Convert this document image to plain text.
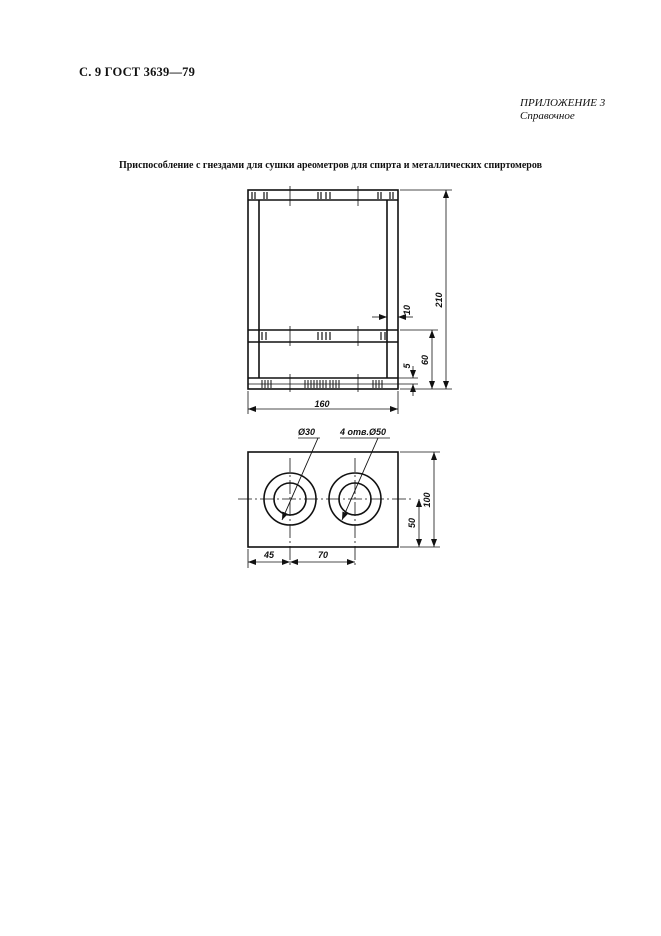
С. 9 ГОСТ 3639—79
ПРИЛОЖЕНИЕ 3
Справочное
Приспособление с гнездами для сушки ареометров для спирта и металлических спиртомеров
210
60
10
5
160
Ø30	4 отв.Ø50
100
50
45	70
